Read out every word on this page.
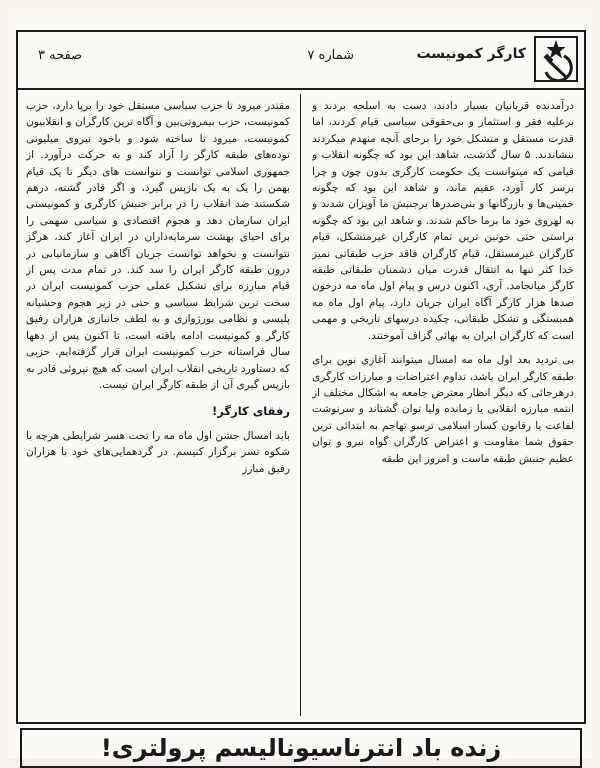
کارگر کمونیست
شماره ۷
صفحه ۳

درآمدنده قربانیان بسیار دادند، دست به اسلحه بردند و برعلیه فقر و استثمار و بی‌حقوقی سیاسی قیام کردند، اما قدرت مستقل و متشکل خود را برجای آنچه منهدم میکردند ننشاندند. ۵ سال گذشت، شاهد این بود که چگونه انقلاب و قیامی که میتوانست یک حکومت کارگری بدون چون و چرا برسر کار آورد، عقیم ماند، و شاهد این بود که چگونه خمینی‌ها و بازرگانها و بنی‌صدرها برجنبش ما آویزان شدند و به لهروی خود ما برما حاکم شدند. و شاهد این بود که چگونه براستی حتی خونین ترین تمام کارگران غیرمتشکل، قیام کارگران غیرمستقل، قیام کارگران فاقد حزب طبقاتی نمیز خدا کثر تنها به انتقال قدرت میان دشمنان طبقاتی طبقه کارگر میانجامد. آری، اکنون درس و پیام اول ماه مه درخون صدها هزار کارگر آگاه ایران جریان دارد، پیام اول ماه مه همبستگی و تشکل طبقاتی، چکیده درسهای تاریخی و مهمی است که کارگران ایران به بهائی گزاف آموختند.

بی تردید بعد اول ماه مه امسال میتوانند آغازی نوین برای طبقه کارگر ایران باشد، تداوم اعتراضات و مبارزات کارگری درهرجائی که دیگر انظار معترض جامعه به اشکال مختلف از انتمه مبارزه انقلابی یا زمانده ولیا توان گشتاند و سرنوشت لفاعت یا رقانون کسار اسلامی ترسو تهاجم به ابتدائی ترین حقوق شما مقاومت و اعتراض کارگران گواه نیرو و توان عظیم جنبش طبقه ماست و امروز این طبقه

مقتدر میرود تا حزب سیاسی مستقل خود را برپا دارد، حزب کمونیست، حزب بیمروتی‌بین و آگاه ترین کارگران و انقلابیون کمونیست، میرود تا ساخته شود و باخود نیروی میلیونی توده‌های طبقه کارگر را آزاد کند و به حرکت درآورد. از جمهوری اسلامی توانست و نتوانست های دیگر تا یک قیام بهمن را یک به یک بازپس گیرد، و اگر قادر گشته، درهم شکستند ضد انقلاب را در برابر جنبش کارگری و کمونیستی ایران سازمان دهد و هجوم اقتصادی و سیاسی سهمی را برای احیای بهشت سرمایه‌داران در ایران آغاز کند، هرگز نتوانست و نخواهد توانست جریان آگاهی و سازمانیابی در درون طبقه کارگر ایران را سد کند. در تمام مدت پس از قیام مبارزه برای تشکیل عملی حزب کمونیست ایران در سخت ترین شرایط سیاسی و حتی در زیر هجوم وحشیانه پلیسی و نظامی بورژوازی و به لطف جانبازی هزاران رفیق کارگر و کمونیست ادامه یافته است، تا اکنون پس از دهها سال فراستانه حزب کمونیست ایران قرار گرفته‌ایم. حزبی که دستاورد تاریخی انقلاب ایران است که هیچ نیروئی قادر به بازپس گیری آن از طبقه کارگر ایران نیست.

رفقای کارگر!

باید امسال جشن اول ماه مه را تحت هسر شرایطی هرچه با شکوه تسر برگزار کنیسم. در گردهمایی‌های خود با هزاران رفیق مبارز

زنده باد انترناسیونالیسم پرولتری!
